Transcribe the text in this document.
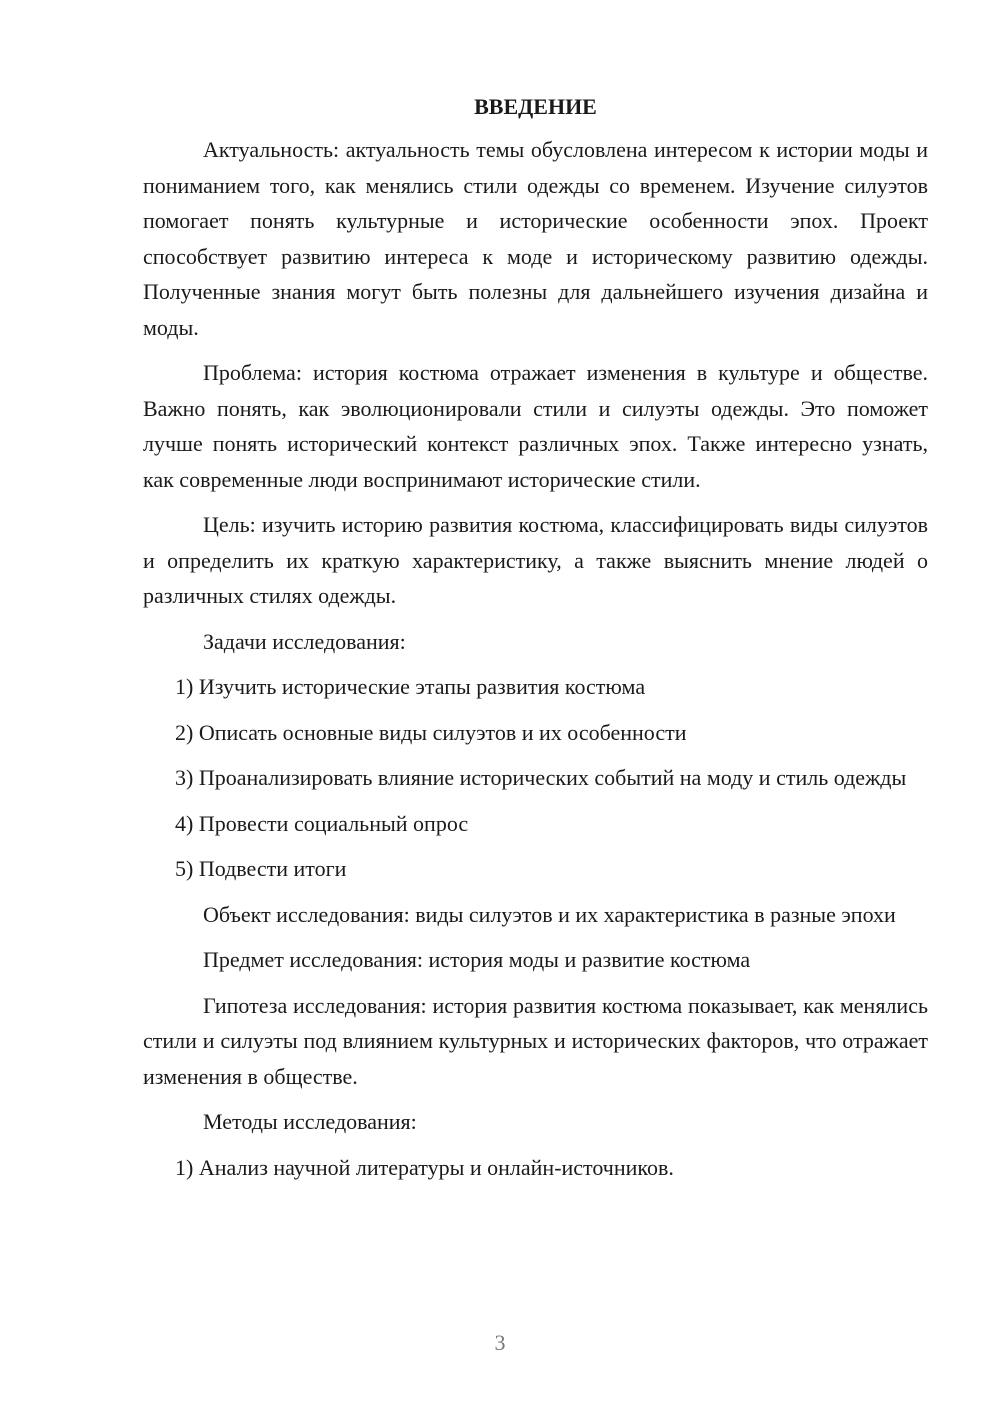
ВВЕДЕНИЕ

Актуальность: актуальность темы обусловлена интересом к истории моды и пониманием того, как менялись стили одежды со временем. Изучение силуэтов помогает понять культурные и исторические особенности эпох. Проект способствует развитию интереса к моде и историческому развитию одежды. Полученные знания могут быть полезны для дальнейшего изучения дизайна и моды.

Проблема: история костюма отражает изменения в культуре и обществе. Важно понять, как эволюционировали стили и силуэты одежды. Это поможет лучше понять исторический контекст различных эпох. Также интересно узнать, как современные люди воспринимают исторические стили.

Цель: изучить историю развития костюма, классифицировать виды силуэтов и определить их краткую характеристику, а также выяснить мнение людей о различных стилях одежды.

Задачи исследования:

1) Изучить исторические этапы развития костюма

2) Описать основные виды силуэтов и их особенности

3) Проанализировать влияние исторических событий на моду и стиль одежды

4) Провести социальный опрос

5) Подвести итоги

Объект исследования: виды силуэтов и их характеристика в разные эпохи

Предмет исследования: история моды и развитие костюма

Гипотеза исследования: история развития костюма показывает, как менялись стили и силуэты под влиянием культурных и исторических факторов, что отражает изменения в обществе.

Методы исследования:

1) Анализ научной литературы и онлайн-источников.

3
